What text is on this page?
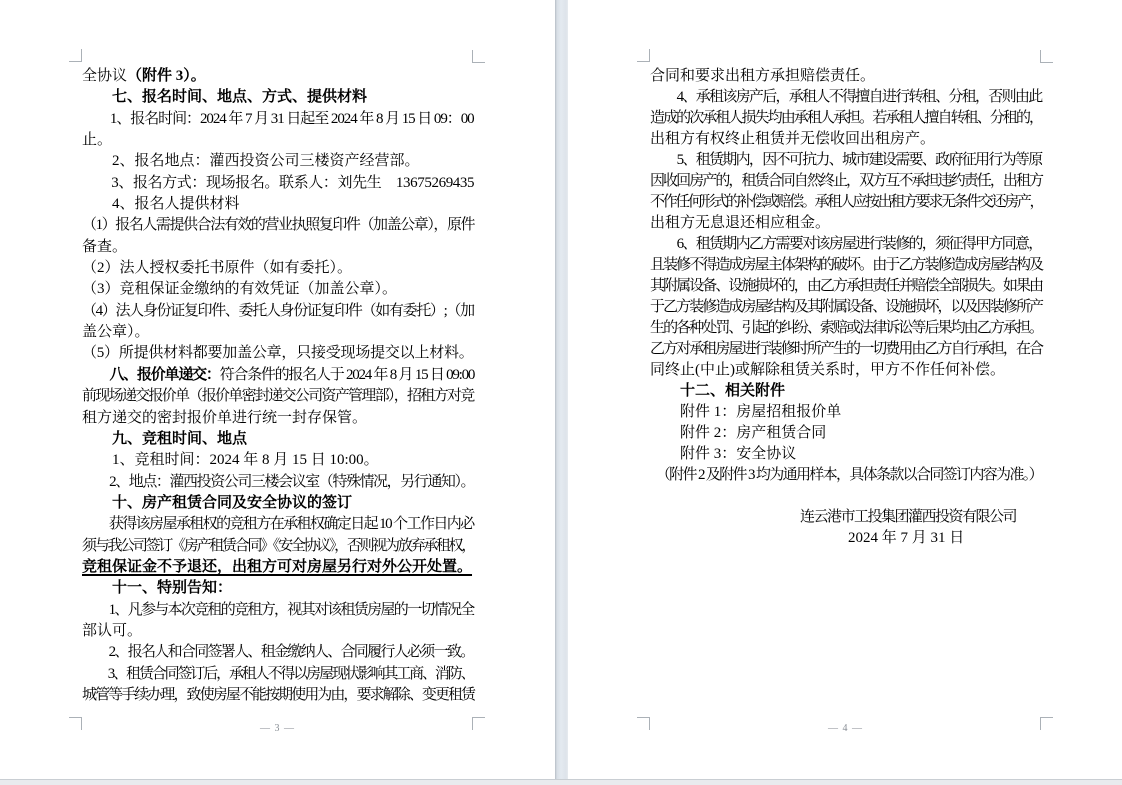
全协议（附件 3）。
　　七、报名时间、地点、方式、提供材料
　　1、报名时间：2024 年 7 月 31 日起至 2024 年 8 月 15 日 09：00
止。
　　2、报名地点：灌西投资公司三楼资产经营部。
　　3、报名方式：现场报名。联系人：刘先生　13675269435
　　4、报名人提供材料
（1）报名人需提供合法有效的营业执照复印件（加盖公章），原件
备查。
（2）法人授权委托书原件（如有委托）。
（3）竞租保证金缴纳的有效凭证（加盖公章）。
（4）法人身份证复印件、委托人身份证复印件（如有委托）;（加
盖公章）。
（5）所提供材料都要加盖公章，只接受现场提交以上材料。
　　八、报价单递交：符合条件的报名人于 2024 年 8 月 15 日 09:00
前现场递交报价单（报价单密封递交公司资产管理部），招租方对竞
租方递交的密封报价单进行统一封存保管。
　　九、竞租时间、地点
　　1、竞租时间：2024 年 8 月 15 日 10:00。
　　2、地点：灌西投资公司三楼会议室（特殊情况，另行通知）。
　　十、房产租赁合同及安全协议的签订
　　获得该房屋承租权的竞租方在承租权确定日起 10 个工作日内必
须与我公司签订《房产租赁合同》《安全协议》，否则视为放弃承租权，
竞租保证金不予退还，出租方可对房屋另行对外公开处置。
　　十一、特别告知：
　　1、凡参与本次竞租的竞租方，视其对该租赁房屋的一切情况全
部认可。
　　2、报名人和合同签署人、租金缴纳人、合同履行人必须一致。
　　3、租赁合同签订后，承租人不得以房屋现状影响其工商、消防、
城管等手续办理，致使房屋不能按期使用为由，要求解除、变更租赁
— 3 —
合同和要求出租方承担赔偿责任。
　　4、承租该房产后，承租人不得擅自进行转租、分租，否则由此
造成的次承租人损失均由承租人承担。若承租人擅自转租、分租的，
出租方有权终止租赁并无偿收回出租房产。
　　5、租赁期内，因不可抗力、城市建设需要、政府征用行为等原
因收回房产的，租赁合同自然终止，双方互不承担违约责任，出租方
不作任何形式的补偿或赔偿。承租人应按出租方要求无条件交还房产，
出租方无息退还相应租金。
　　6、租赁期内乙方需要对该房屋进行装修的，须征得甲方同意，
且装修不得造成房屋主体架构的破坏。由于乙方装修造成房屋结构及
其附属设备、设施损坏的，由乙方承担责任并赔偿全部损失。如果由
于乙方装修造成房屋结构及其附属设备、设施损坏，以及因装修所产
生的各种处罚、引起的纠纷、索赔或法律诉讼等后果均由乙方承担。
乙方对承租房屋进行装修时所产生的一切费用由乙方自行承担，在合
同终止(中止)或解除租赁关系时，甲方不作任何补偿。
　　十二、相关附件
　　附件 1：房屋招租报价单
　　附件 2：房产租赁合同
　　附件 3：安全协议
　（附件 2 及附件 3 均为通用样本，具体条款以合同签订内容为准。）
连云港市工投集团灌西投资有限公司
2024 年 7 月 31 日
— 4 —
